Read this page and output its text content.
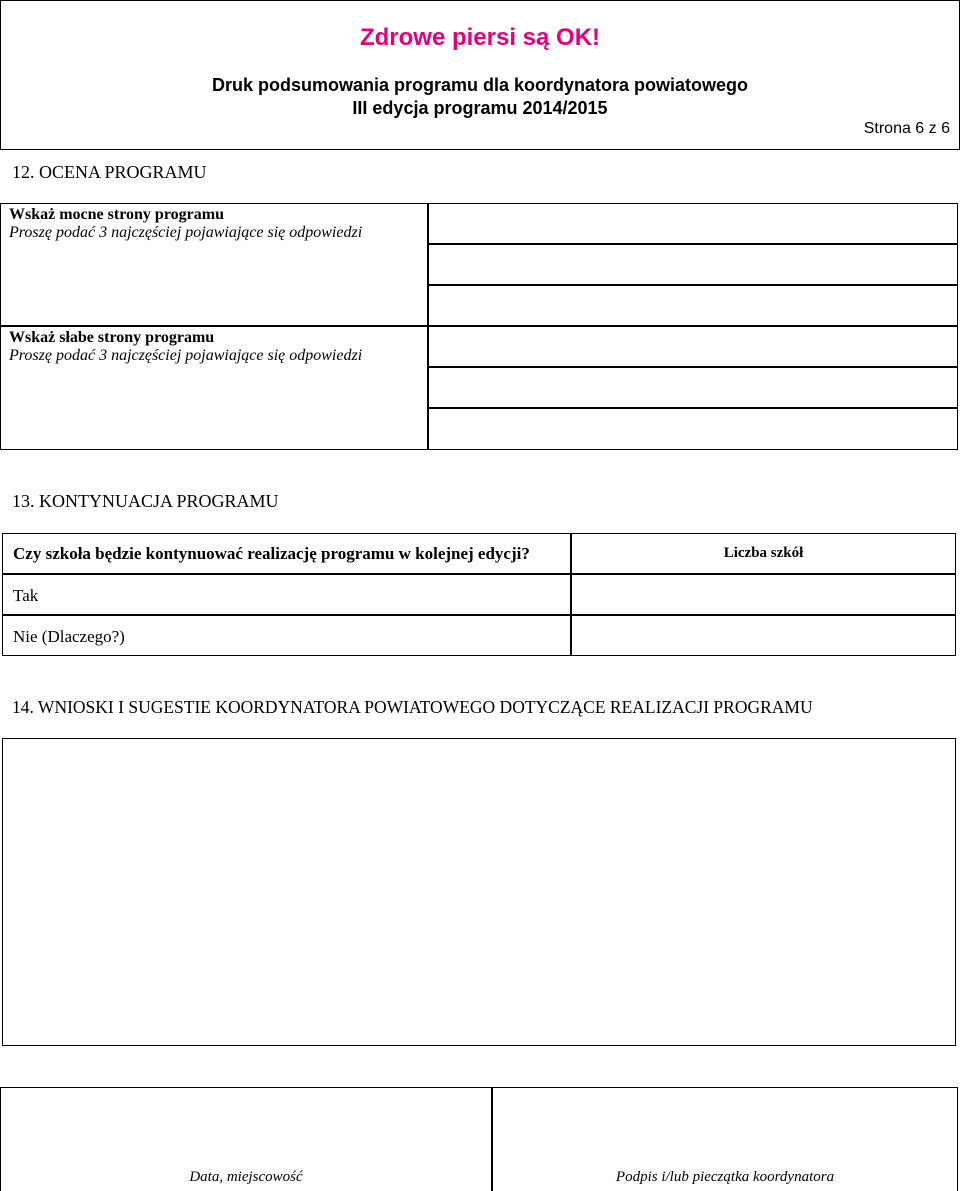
Zdrowe piersi są OK!
Druk podsumowania programu dla koordynatora powiatowego
III edycja programu 2014/2015
Strona 6 z 6
12. OCENA PROGRAMU
Wskaż mocne strony programu
Proszę podać 3 najczęściej pojawiające się odpowiedzi
Wskaż słabe strony programu
Proszę podać 3 najczęściej pojawiające się odpowiedzi
13. KONTYNUACJA PROGRAMU
Czy szkoła będzie kontynuować realizację programu w kolejnej edycji?	Liczba szkół
Tak
Nie (Dlaczego?)
14. WNIOSKI I SUGESTIE KOORDYNATORA POWIATOWEGO DOTYCZĄCE REALIZACJI PROGRAMU
Data, miejscowość	Podpis i/lub pieczątka koordynatora
